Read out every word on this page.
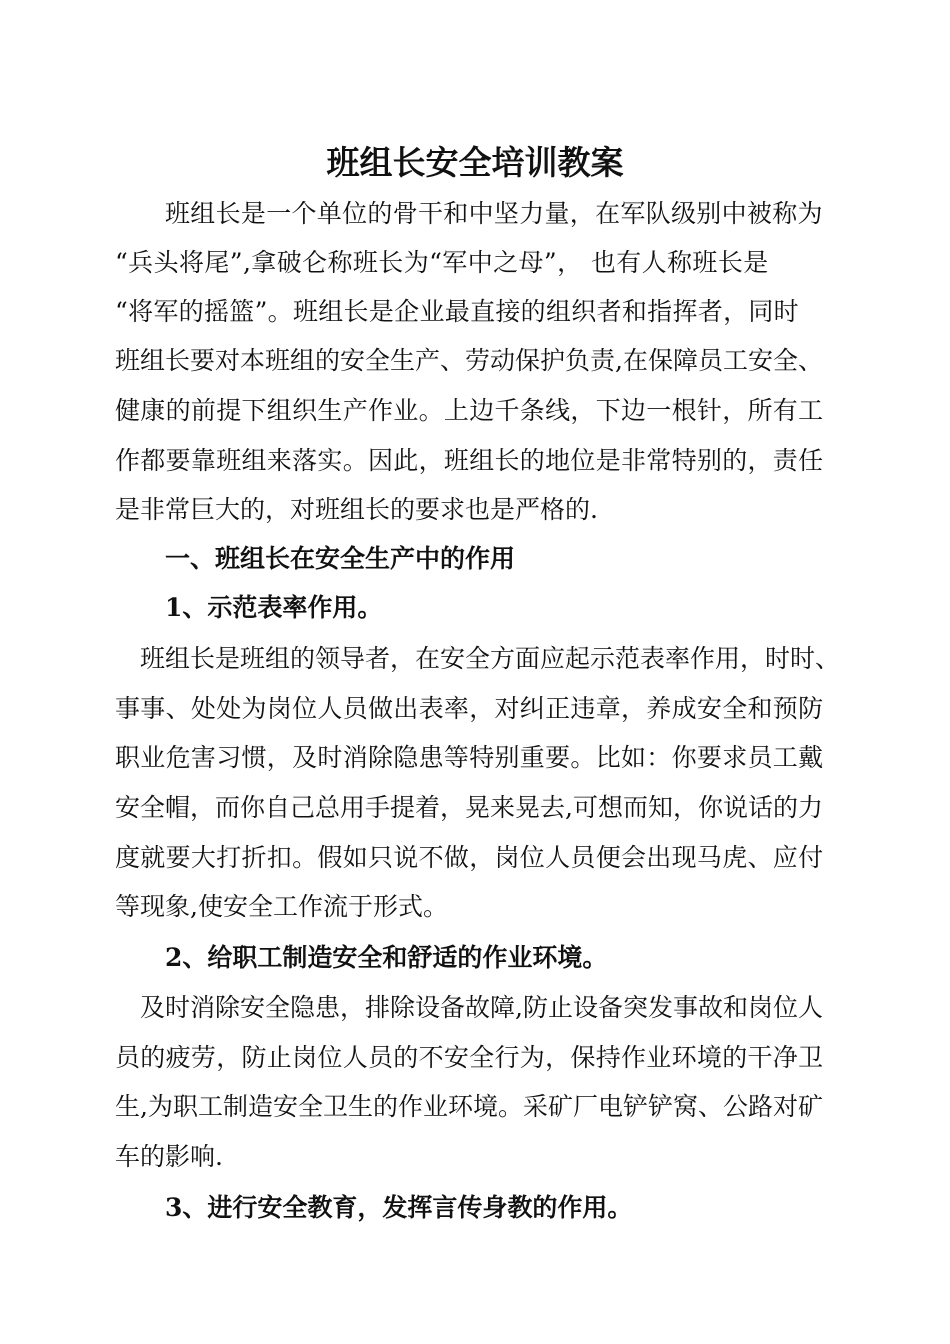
班组长安全培训教案

班组长是一个单位的骨干和中坚力量，在军队级别中被称为

“兵头将尾”,拿破仑称班长为“军中之母”， 也有人称班长是

“将军的摇篮”。班组长是企业最直接的组织者和指挥者，同时

班组长要对本班组的安全生产、劳动保护负责,在保障员工安全、

健康的前提下组织生产作业。上边千条线，下边一根针，所有工

作都要靠班组来落实。因此，班组长的地位是非常特别的，责任

是非常巨大的，对班组长的要求也是严格的.

一、班组长在安全生产中的作用

1、示范表率作用。

班组长是班组的领导者，在安全方面应起示范表率作用，时时、

事事、处处为岗位人员做出表率，对纠正违章，养成安全和预防

职业危害习惯，及时消除隐患等特别重要。比如：你要求员工戴

安全帽，而你自己总用手提着，晃来晃去,可想而知，你说话的力

度就要大打折扣。假如只说不做，岗位人员便会出现马虎、应付

等现象,使安全工作流于形式。

2、给职工制造安全和舒适的作业环境。

及时消除安全隐患，排除设备故障,防止设备突发事故和岗位人

员的疲劳，防止岗位人员的不安全行为，保持作业环境的干净卫

生,为职工制造安全卫生的作业环境。采矿厂电铲铲窝、公路对矿

车的影响.

3、进行安全教育，发挥言传身教的作用。
